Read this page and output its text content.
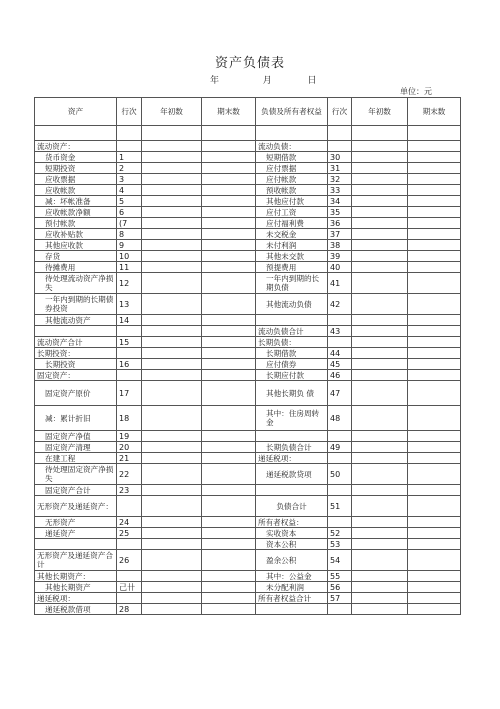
资产负债表
年	月	日
单位：元
资产	行次	年初数	期末数	负债及所有者权益	行次	年初数	期末数

流动资产：				流动负债：			
货币资金	1			短期借款	30		
短期投资	2			应付票据	31		
应收票据	3			应付帐款	32		
应收帐款	4			预收帐款	33		
减：坏帐准备	5			其他应付款	34		
应收帐款净额	6			应付工资	35		
预付帐款	(7			应付福利费	36		
应收补贴款	8			未交税金	37		
其他应收款	9			未付利润	38		
存货	10			其他未交款	39		
待摊费用	11			预提费用	40		
待处理流动资产净损失	12			一年内到期的长期负债	41		
一年内到期的长期债券投资	13			其他流动负债	42		
其他流动资产	14						
				流动负债合计	43		
流动资产合计	15			长期负债：			
长期投资：				长期借款	44		
长期投资	16			应付债券	45		
固定资产：				长期应付款	46		
固定资产原价	17			其他长期负 债	47		
减：累计折旧	18			其中：住房周转金	48		
固定资产净值	19						
固定资产清理	20			长期负债合计	49		
在建工程	21			递延税项：			
待处理固定资产净损失	22			递延税款贷项	50		
固定资产合计	23						
无形资产及递延资产：				负债合计	51		
无形资产	24			所有者权益：			
递延资产	25			实收资本	52		
				资本公积	53		
无形资产及递延资产合计	26			盈余公积	54		
其他长期资产：				其中：公益金	55		
其他长期资产	己卄			未分配利润	56		
递延税项：				所有者权益合计	57		
递延税款借项	28						
